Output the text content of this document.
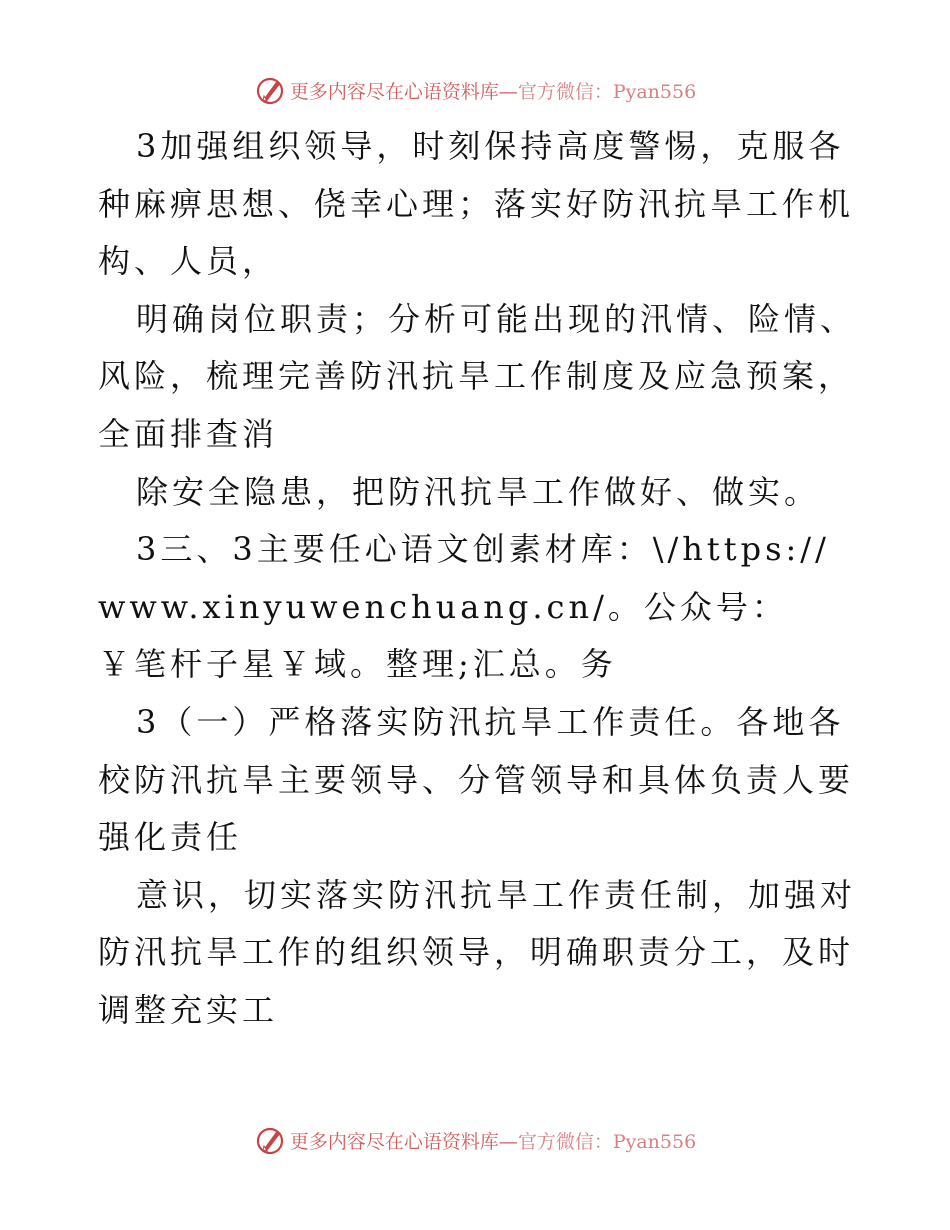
更多内容尽在心语资料库—官方微信：Pyan556

3加强组织领导，时刻保持高度警惕，克服各种麻痹思想、侥幸心理；落实好防汛抗旱工作机构、人员，

明确岗位职责；分析可能出现的汛情、险情、风险，梳理完善防汛抗旱工作制度及应急预案，全面排查消

除安全隐患，把防汛抗旱工作做好、做实。

3三、3主要任心语文创素材库：\/https://www.xinyuwenchuang.cn/。公众号：￥笔杆子星￥域。整理;汇总。务

3（一）严格落实防汛抗旱工作责任。各地各校防汛抗旱主要领导、分管领导和具体负责人要强化责任

意识，切实落实防汛抗旱工作责任制，加强对防汛抗旱工作的组织领导，明确职责分工，及时调整充实工

更多内容尽在心语资料库—官方微信：Pyan556
